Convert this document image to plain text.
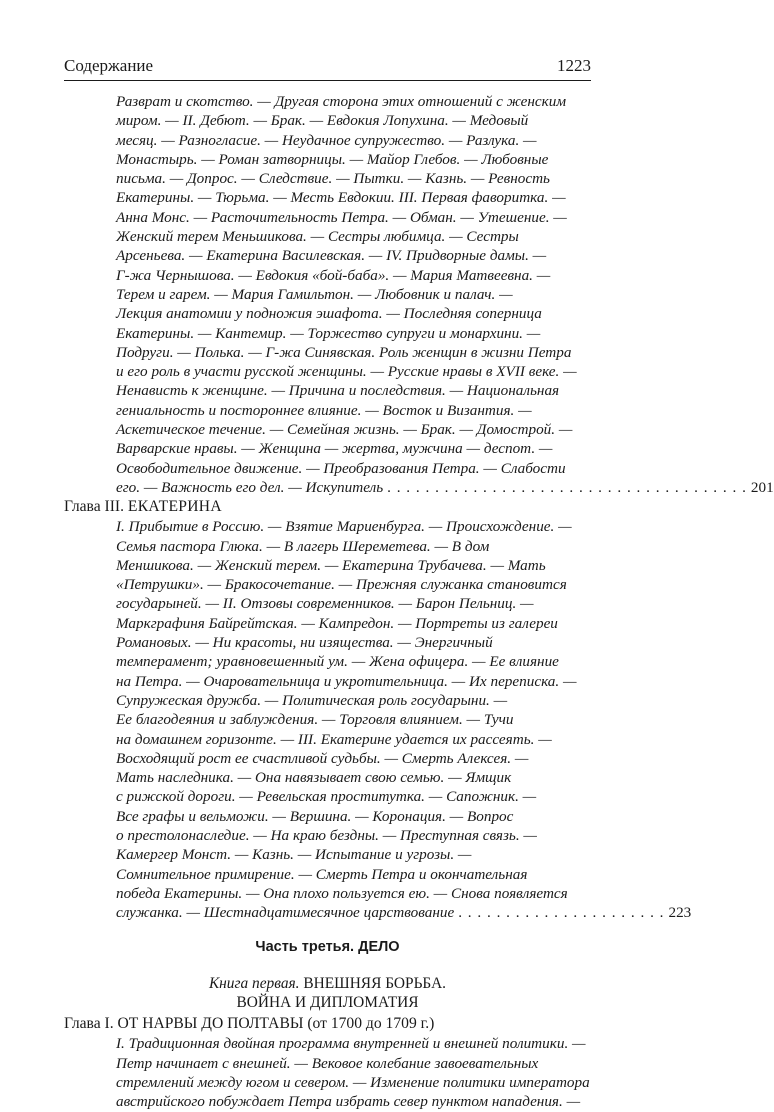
Содержание	1223
Разврат и скотство. — Другая сторона этих отношений с женским
миром. — II. Дебют. — Брак. — Евдокия Лопухина. — Медовый
месяц. — Разногласие. — Неудачное супружество. — Разлука. —
Монастырь. — Роман затворницы. — Майор Глебов. — Любовные
письма. — Допрос. — Следствие. — Пытки. — Казнь. — Ревность
Екатерины. — Тюрьма. — Месть Евдокии. III. Первая фаворитка. —
Анна Монс. — Расточительность Петра. — Обман. — Утешение. —
Женский терем Меньшикова. — Сестры любимца. — Сестры
Арсеньева. — Екатерина Василевская. — IV. Придворные дамы. —
Г-жа Чернышова. — Евдокия «бой-баба». — Мария Матвеевна. —
Терем и гарем. — Мария Гамильтон. — Любовник и палач. —
Лекция анатомии у подножия эшафота. — Последняя соперница
Екатерины. — Кантемир. — Торжество супруги и монархини. —
Подруги. — Полька. — Г-жа Синявская. Роль женщин в жизни Петра
и его роль в участи русской женщины. — Русские нравы в XVII веке. —
Ненависть к женщине. — Причина и последствия. — Национальная
гениальность и постороннее влияние. — Восток и Византия. —
Аскетическое течение. — Семейная жизнь. — Брак. — Домострой. —
Варварские нравы. — Женщина — жертва, мужчина — деспот. —
Освободительное движение. — Преобразования Петра. — Слабости
его. — Важность его дел. — Искупитель . . . . . . . . . . . . . . . . . . . . . . . . . . . . . . . . . . . . . . 201
Глава III. ЕКАТЕРИНА
I. Прибытие в Россию. — Взятие Мариенбурга. — Происхождение. —
Семья пастора Глюка. — В лагерь Шереметева. — В дом
Меншикова. — Женский терем. — Екатерина Трубачева. — Мать
«Петрушки». — Бракосочетание. — Прежняя служанка становится
государыней. — II. Отзовы современников. — Барон Пельниц. —
Маркграфиня Байрейтская. — Кампредон. — Портреты из галереи
Романовых. — Ни красоты, ни изящества. — Энергичный
темперамент; уравновешенный ум. — Жена офицера. — Ее влияние
на Петра. — Очаровательница и укротительница. — Их переписка. —
Супружеская дружба. — Политическая роль государыни. —
Ее благодеяния и заблуждения. — Торговля влиянием. — Тучи
на домашнем горизонте. — III. Екатерине удается их рассеять. —
Восходящий рост ее счастливой судьбы. — Смерть Алексея. —
Мать наследника. — Она навязывает свою семью. — Ямщик
с рижской дороги. — Ревельская проститутка. — Сапожник. —
Все графы и вельможи. — Вершина. — Коронация. — Вопрос
о престолонаследие. — На краю бездны. — Преступная связь. —
Камергер Монст. — Казнь. — Испытание и угрозы. —
Сомнительное примирение. — Смерть Петра и окончательная
победа Екатерины. — Она плохо пользуется ею. — Снова появляется
служанка. — Шестнадцатимесячное царствование . . . . . . . . . . . . . . . . . . . . . . 223
Часть третья. ДЕЛО
Книга первая. ВНЕШНЯЯ БОРЬБА.
ВОЙНА И ДИПЛОМАТИЯ
Глава I. ОТ НАРВЫ ДО ПОЛТАВЫ (от 1700 до 1709 г.)
I. Традиционная двойная программа внутренней и внешней политики. —
Петр начинает с внешней. — Вековое колебание завоевательных
стремлений между югом и севером. — Изменение политики императора
австрийского побуждает Петра избрать север пунктом нападения. —
